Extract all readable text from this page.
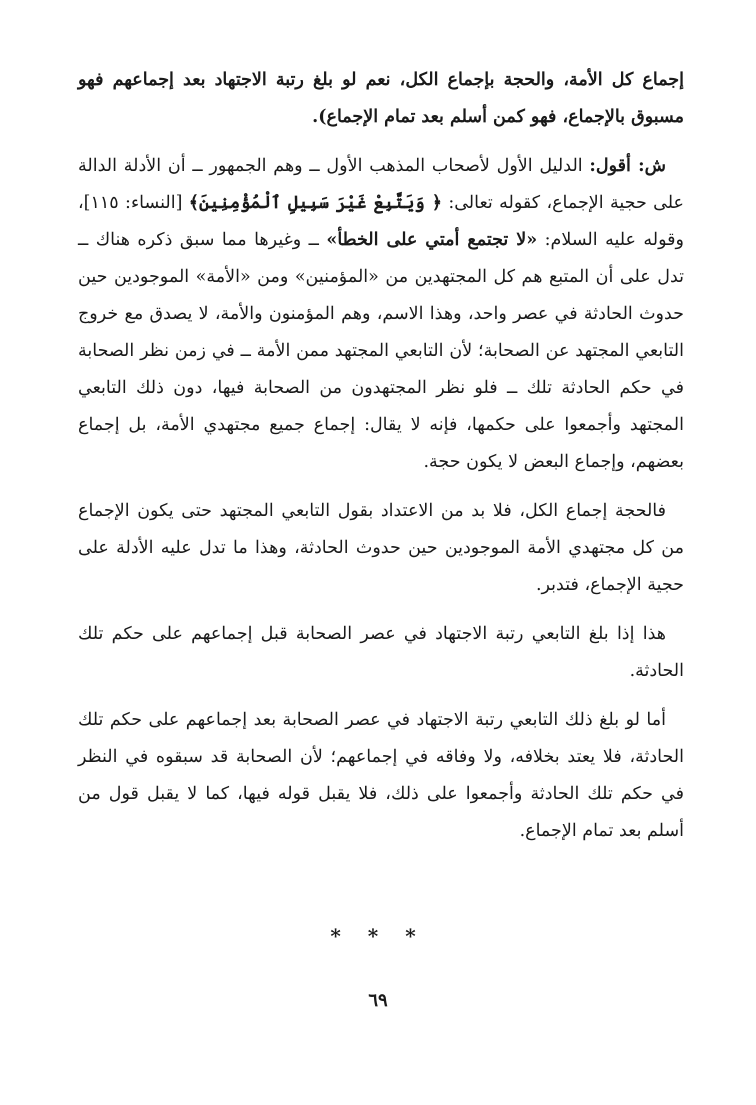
إجماع كل الأمة، والحجة بإجماع الكل، نعم لو بلغ رتبة الاجتهاد بعد إجماعهم فهو مسبوق بالإجماع، فهو كمن أسلم بعد تمام الإجماع).

ش: أقول: الدليل الأول لأصحاب المذهب الأول ــ وهم الجمهور ــ أن الأدلة الدالة على حجية الإجماع، كقوله تعالى: ﴿ وَيَتَّبِعْ غَيْرَ سَبِيلِ ٱلْمُؤْمِنِينَ﴾ [النساء: ١١٥]، وقوله عليه السلام: «لا تجتمع أمتي على الخطأ» ــ وغيرها مما سبق ذكره هناك ــ تدل على أن المتبع هم كل المجتهدين من «المؤمنين» ومن «الأمة» الموجودين حين حدوث الحادثة في عصر واحد، وهذا الاسم، وهم المؤمنون والأمة، لا يصدق مع خروج التابعي المجتهد عن الصحابة؛ لأن التابعي المجتهد ممن الأمة ــ في زمن نظر الصحابة في حكم الحادثة تلك ــ فلو نظر المجتهدون من الصحابة فيها، دون ذلك التابعي المجتهد وأجمعوا على حكمها، فإنه لا يقال: إجماع جميع مجتهدي الأمة، بل إجماع بعضهم، وإجماع البعض لا يكون حجة.

فالحجة إجماع الكل، فلا بد من الاعتداد بقول التابعي المجتهد حتى يكون الإجماع من كل مجتهدي الأمة الموجودين حين حدوث الحادثة، وهذا ما تدل عليه الأدلة على حجية الإجماع، فتدبر.

هذا إذا بلغ التابعي رتبة الاجتهاد في عصر الصحابة قبل إجماعهم على حكم تلك الحادثة.

أما لو بلغ ذلك التابعي رتبة الاجتهاد في عصر الصحابة بعد إجماعهم على حكم تلك الحادثة، فلا يعتد بخلافه، ولا وفاقه في إجماعهم؛ لأن الصحابة قد سبقوه في النظر في حكم تلك الحادثة وأجمعوا على ذلك، فلا يقبل قوله فيها، كما لا يقبل قول من أسلم بعد تمام الإجماع.

* * *
٦٩
